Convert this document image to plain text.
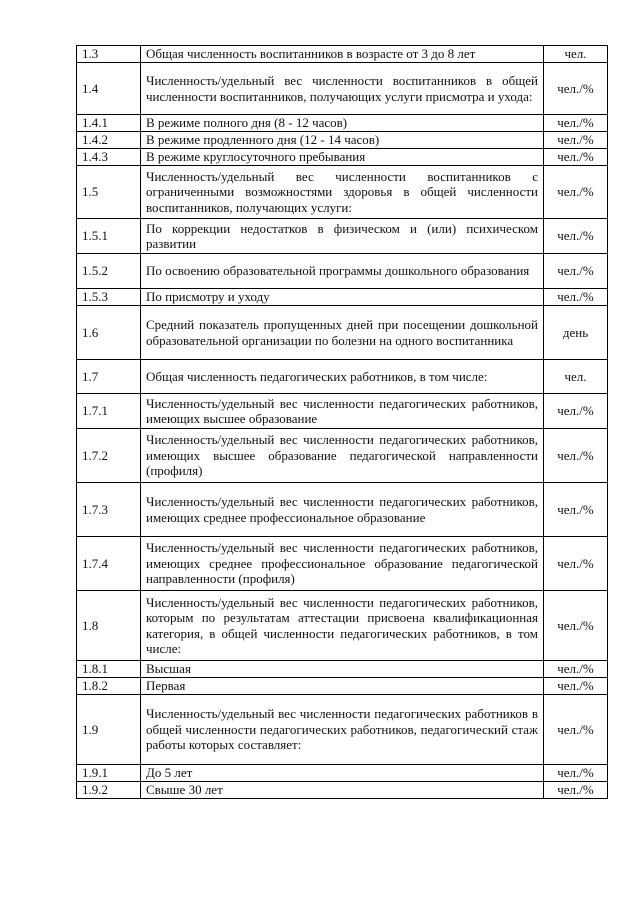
1.3	Общая численность воспитанников в возрасте от 3 до 8 лет	чел.
1.4	Численность/удельный вес численности воспитанников в общей численности воспитанников, получающих услуги присмотра и ухода:	чел./%
1.4.1	В режиме полного дня (8 - 12 часов)	чел./%
1.4.2	В режиме продленного дня (12 - 14 часов)	чел./%
1.4.3	В режиме круглосуточного пребывания	чел./%
1.5	Численность/удельный вес численности воспитанников с ограниченными возможностями здоровья в общей численности воспитанников, получающих услуги:	чел./%
1.5.1	По коррекции недостатков в физическом и (или) психическом развитии	чел./%
1.5.2	По освоению образовательной программы дошкольного образования	чел./%
1.5.3	По присмотру и уходу	чел./%
1.6	Средний показатель пропущенных дней при посещении дошкольной образовательной организации по болезни на одного воспитанника	день
1.7	Общая численность педагогических работников, в том числе:	чел.
1.7.1	Численность/удельный вес численности педагогических работников, имеющих высшее образование	чел./%
1.7.2	Численность/удельный вес численности педагогических работников, имеющих высшее образование педагогической направленности (профиля)	чел./%
1.7.3	Численность/удельный вес численности педагогических работников, имеющих среднее профессиональное образование	чел./%
1.7.4	Численность/удельный вес численности педагогических работников, имеющих среднее профессиональное образование педагогической направленности (профиля)	чел./%
1.8	Численность/удельный вес численности педагогических работников, которым по результатам аттестации присвоена квалификационная категория, в общей численности педагогических работников, в том числе:	чел./%
1.8.1	Высшая	чел./%
1.8.2	Первая	чел./%
1.9	Численность/удельный вес численности педагогических работников в общей численности педагогических работников, педагогический стаж работы которых составляет:	чел./%
1.9.1	До 5 лет	чел./%
1.9.2	Свыше 30 лет	чел./%
